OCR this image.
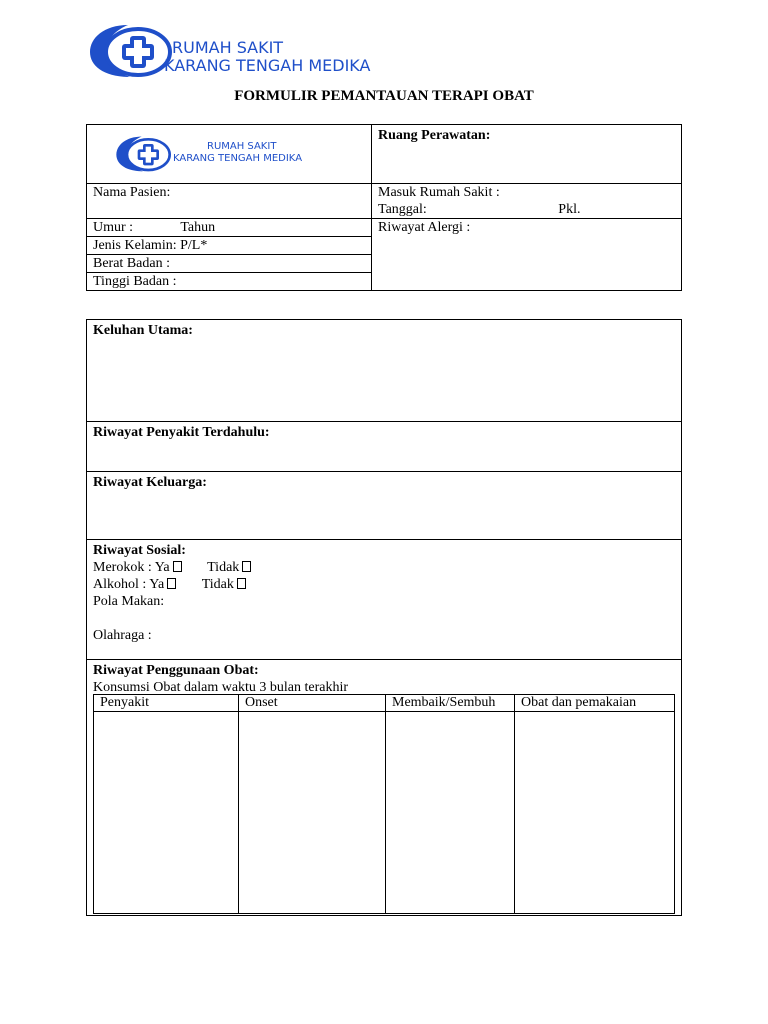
RUMAH SAKIT
KARANG TENGAH MEDIKA
FORMULIR PEMANTAUAN TERAPI OBAT
RUMAH SAKIT
KARANG TENGAH MEDIKA	Ruang Perawatan:
Nama Pasien:	Masuk Rumah Sakit :
Tanggal: Pkl.

Umur : Tahun	Riwayat Alergi :
Jenis Kelamin: P/L*	
Berat Badan :	
Tinggi Badan :	
Keluhan Utama:
Riwayat Penyakit Terdahulu:
Riwayat Keluarga:
Riwayat Sosial:
Merokok : Ya	Tidak
Alkohol : Ya	Tidak
Pola Makan:
Olahraga :
Riwayat Penggunaan Obat:
Konsumsi Obat dalam waktu 3 bulan terakhir
Penyakit	Onset	Membaik/Sembuh	Obat dan pemakaian
